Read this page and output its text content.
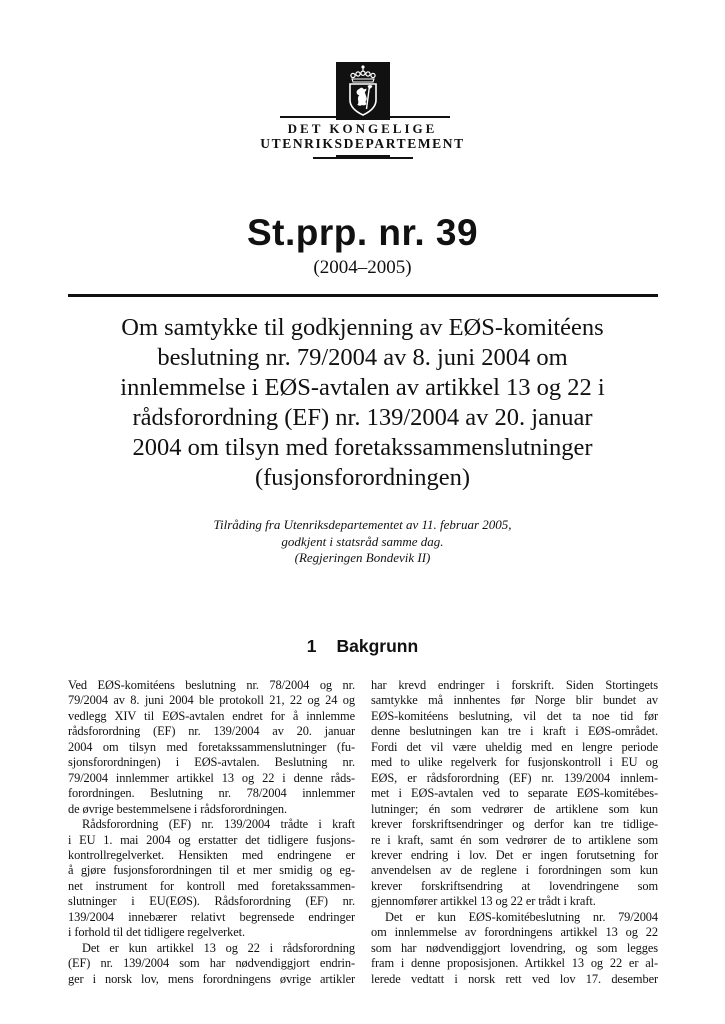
DET KONGELIGE
UTENRIKSDEPARTEMENT
St.prp. nr. 39
(2004–2005)
Om samtykke til godkjenning av EØS-komitéens
beslutning nr. 79/2004 av 8. juni 2004 om
innlemmelse i EØS-avtalen av artikkel 13 og 22 i
rådsforordning (EF) nr. 139/2004 av 20. januar
2004 om tilsyn med foretakssammenslutninger
(fusjonsforordningen)
Tilråding fra Utenriksdepartementet av 11. februar 2005,
godkjent i statsråd samme dag.
(Regjeringen Bondevik II)
1 Bakgrunn
Ved EØS-komitéens beslutning nr. 78/2004 og nr.
79/2004 av 8. juni 2004 ble protokoll 21, 22 og 24 og
vedlegg XIV til EØS-avtalen endret for å innlemme
rådsforordning (EF) nr. 139/2004 av 20. januar
2004 om tilsyn med foretakssammenslutninger (fu-
sjonsforordningen) i EØS-avtalen. Beslutning nr.
79/2004 innlemmer artikkel 13 og 22 i denne råds-
forordningen. Beslutning nr. 78/2004 innlemmer
de øvrige bestemmelsene i rådsforordningen.
Rådsforordning (EF) nr. 139/2004 trådte i kraft
i EU 1. mai 2004 og erstatter det tidligere fusjons-
kontrollregelverket. Hensikten med endringene er
å gjøre fusjonsforordningen til et mer smidig og eg-
net instrument for kontroll med foretakssammen-
slutninger i EU(EØS). Rådsforordning (EF) nr.
139/2004 innebærer relativt begrensede endringer
i forhold til det tidligere regelverket.
Det er kun artikkel 13 og 22 i rådsforordning
(EF) nr. 139/2004 som har nødvendiggjort endrin-
ger i norsk lov, mens forordningens øvrige artikler
har krevd endringer i forskrift. Siden Stortingets
samtykke må innhentes før Norge blir bundet av
EØS-komitéens beslutning, vil det ta noe tid før
denne beslutningen kan tre i kraft i EØS-området.
Fordi det vil være uheldig med en lengre periode
med to ulike regelverk for fusjonskontroll i EU og
EØS, er rådsforordning (EF) nr. 139/2004 innlem-
met i EØS-avtalen ved to separate EØS-komitébes-
lutninger; én som vedrører de artiklene som kun
krever forskriftsendringer og derfor kan tre tidlige-
re i kraft, samt én som vedrører de to artiklene som
krever endring i lov. Det er ingen forutsetning for
anvendelsen av de reglene i forordningen som kun
krever forskriftsendring at lovendringene som
gjennomfører artikkel 13 og 22 er trådt i kraft.
Det er kun EØS-komitébeslutning nr. 79/2004
om innlemmelse av forordningens artikkel 13 og 22
som har nødvendiggjort lovendring, og som legges
fram i denne proposisjonen. Artikkel 13 og 22 er al-
lerede vedtatt i norsk rett ved lov 17. desember
